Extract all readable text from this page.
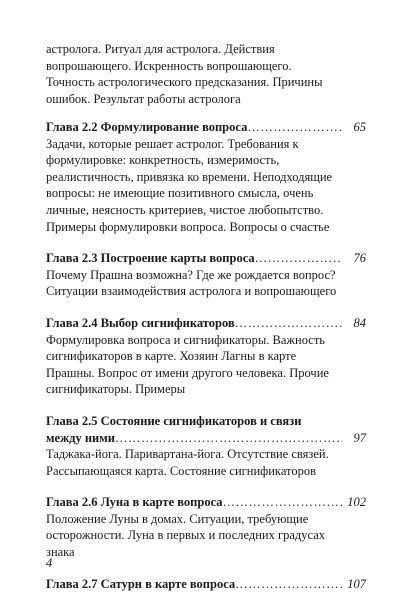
астролога. Ритуал для астролога. Действия

вопрошающего. Искренность вопрошающего.

Точность астрологического предсказания. Причины

ошибок. Результат работы астролога

Глава 2.2 Формулирование вопроса ………………………………………………………………………………	65

Задачи, которые решает астролог. Требования к формулировке: конкретность, измеримость, реалистичность, привязка ко времени. Неподходящие вопросы: не имеющие позитивного смысла, очень личные, неясность критериев, чистое любопытство. Примеры формулировки вопроса. Вопросы о счастье

Глава 2.3 Построение карты вопроса ………………………………………………………………………………	76

Почему Прашна возможна? Где же рождается вопрос? Ситуации взаимодействия астролога и вопрошающего

Глава 2.4 Выбор сигнификаторов ………………………………………………………………………………	84

Формулировка вопроса и сигнификаторы. Важность сигнификаторов в карте. Хозяин Лагны в карте Прашны. Вопрос от имени другого человека. Прочие сигнификаторы. Примеры

Глава 2.5 Состояние сигнификаторов и связи
между ними ………………………………………………………………………………	97

Таджака-йога. Паривартана-йога. Отсутствие связей. Рассыпающаяся карта. Состояние сигнификаторов

Глава 2.6 Луна в карте вопроса ………………………………………………………………………………	102

Положение Луны в домах. Ситуации, требующие осторожности. Луна в первых и последних градусах знака

Глава 2.7 Сатурн в карте вопроса ………………………………………………………………………………	107
4
